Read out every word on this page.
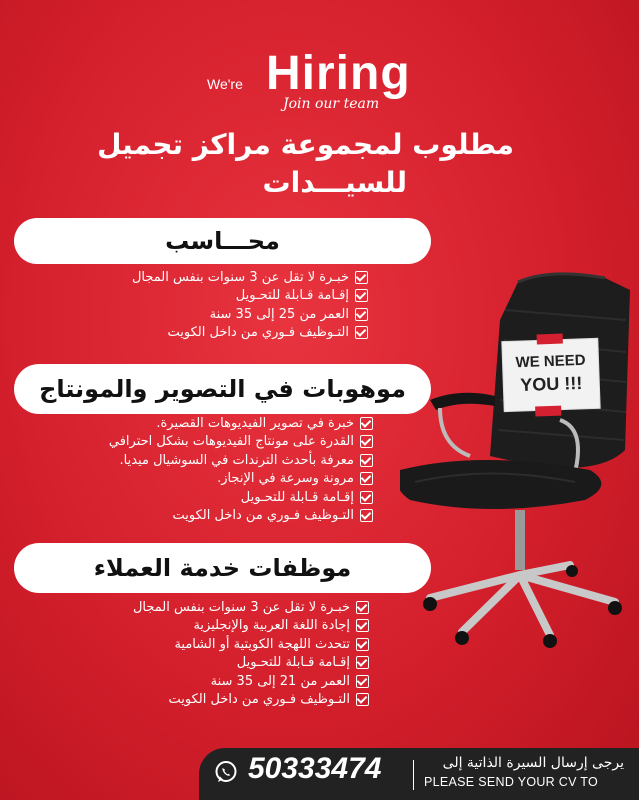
We're Hiring
Join our team
مطلوب لمجموعة مراكز تجميل
للسيـــدات
محـــاسب
خبـرة لا تقل عن 3 سنوات بنفس المجال
إقـامة قـابلة للتحـويل
العمر من 25 إلى 35 سنة
التـوظيف فـوري من داخل الكويت
موهوبات في التصوير والمونتاج
خبرة في تصوير الفيديوهات القصيرة.
القدرة على مونتاج الفيديوهات بشكل احترافي
معرفة بأحدث الترندات في السوشيال ميديا.
مرونة وسرعة في الإنجاز.
إقـامة قـابلة للتحـويل
التـوظيف فـوري من داخل الكويت
موظفات خدمة العملاء
خبـرة لا تقل عن 3 سنوات بنفس المجال
إجادة اللغة العربية والإنجليزية
تتحدث اللهجة الكويتية أو الشامية
إقـامة قـابلة للتحـويل
العمر من 21 إلى 35 سنة
التـوظيف فـوري من داخل الكويت
WE NEED
YOU !!!
50333474	يرجى إرسال السيرة الذاتية إلى
PLEASE SEND YOUR CV TO
